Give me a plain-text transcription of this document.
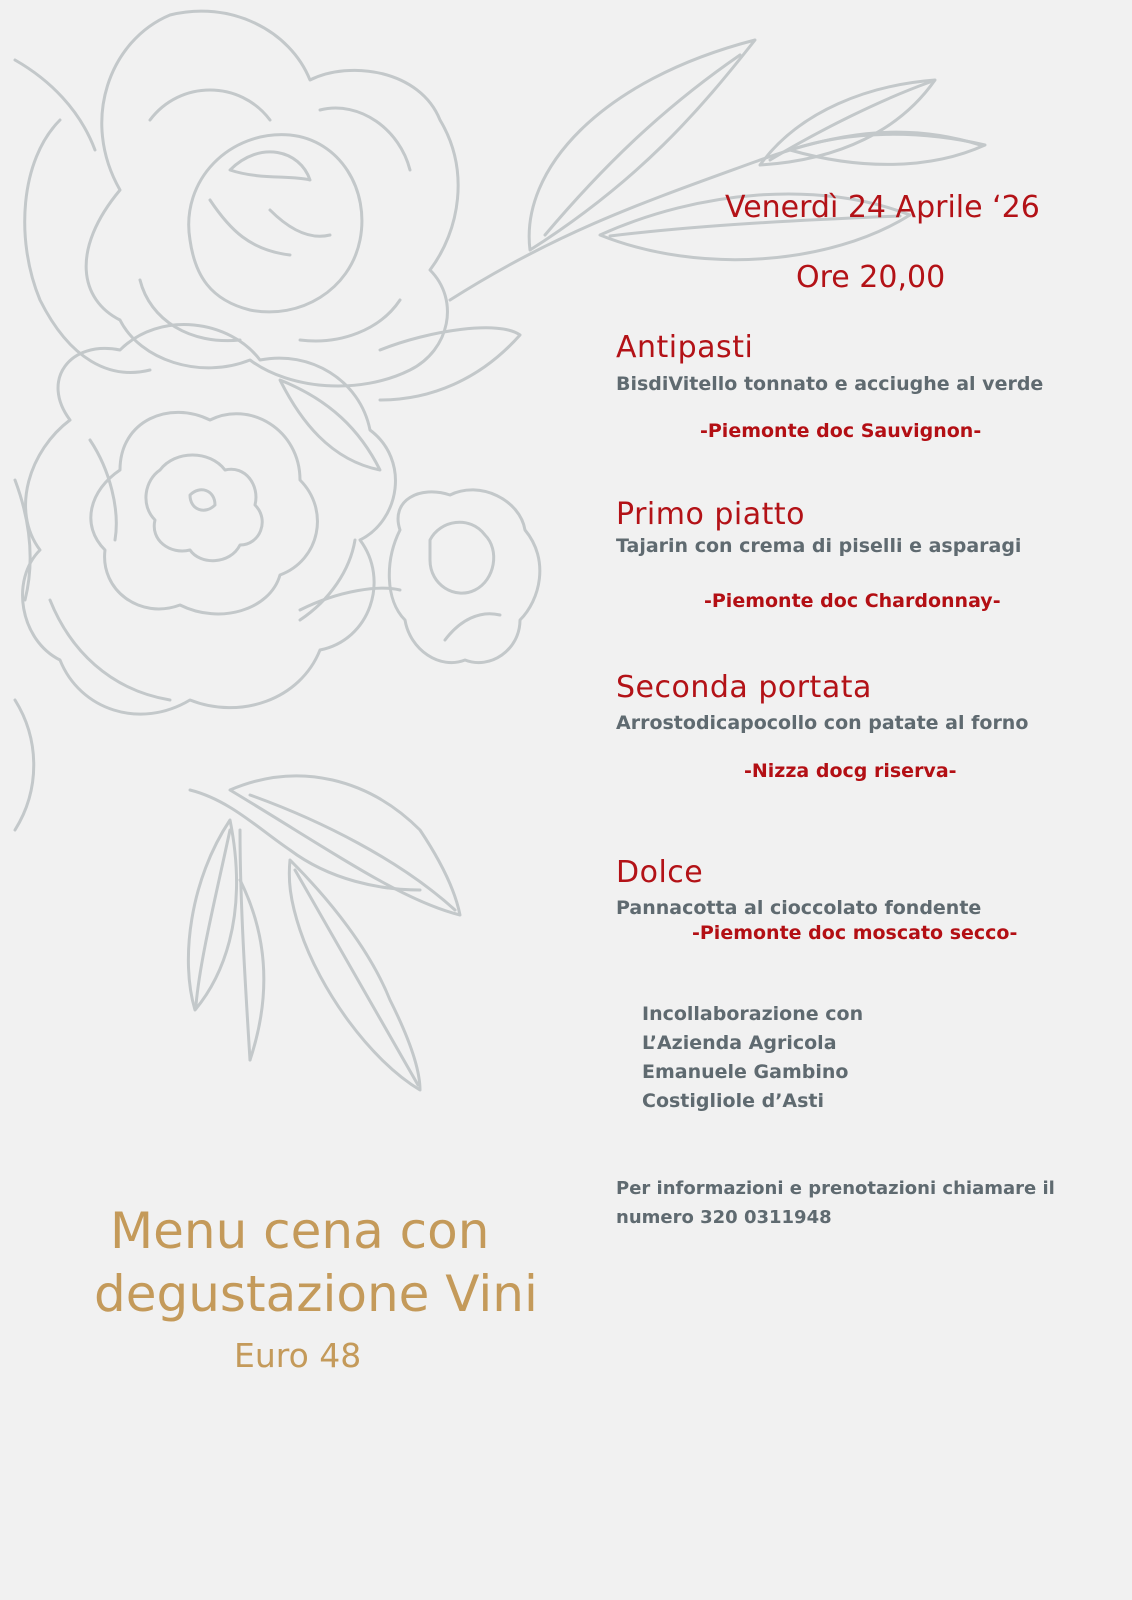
Venerdì 24 Aprile ‘26
Ore 20,00
Antipasti
BisdiVitello tonnato e acciughe al verde
-Piemonte doc Sauvignon-
Primo piatto
Tajarin con crema di piselli e asparagi
-Piemonte doc Chardonnay-
Seconda portata
Arrostodicapocollo con patate al forno
-Nizza docg riserva-
Dolce
Pannacotta al cioccolato fondente
-Piemonte doc moscato secco-
Incollaborazione con
L’Azienda Agricola
Emanuele Gambino
Costigliole d’Asti
Per informazioni e prenotazioni chiamare il
numero 320 0311948
Menu cena con
degustazione Vini
Euro 48
